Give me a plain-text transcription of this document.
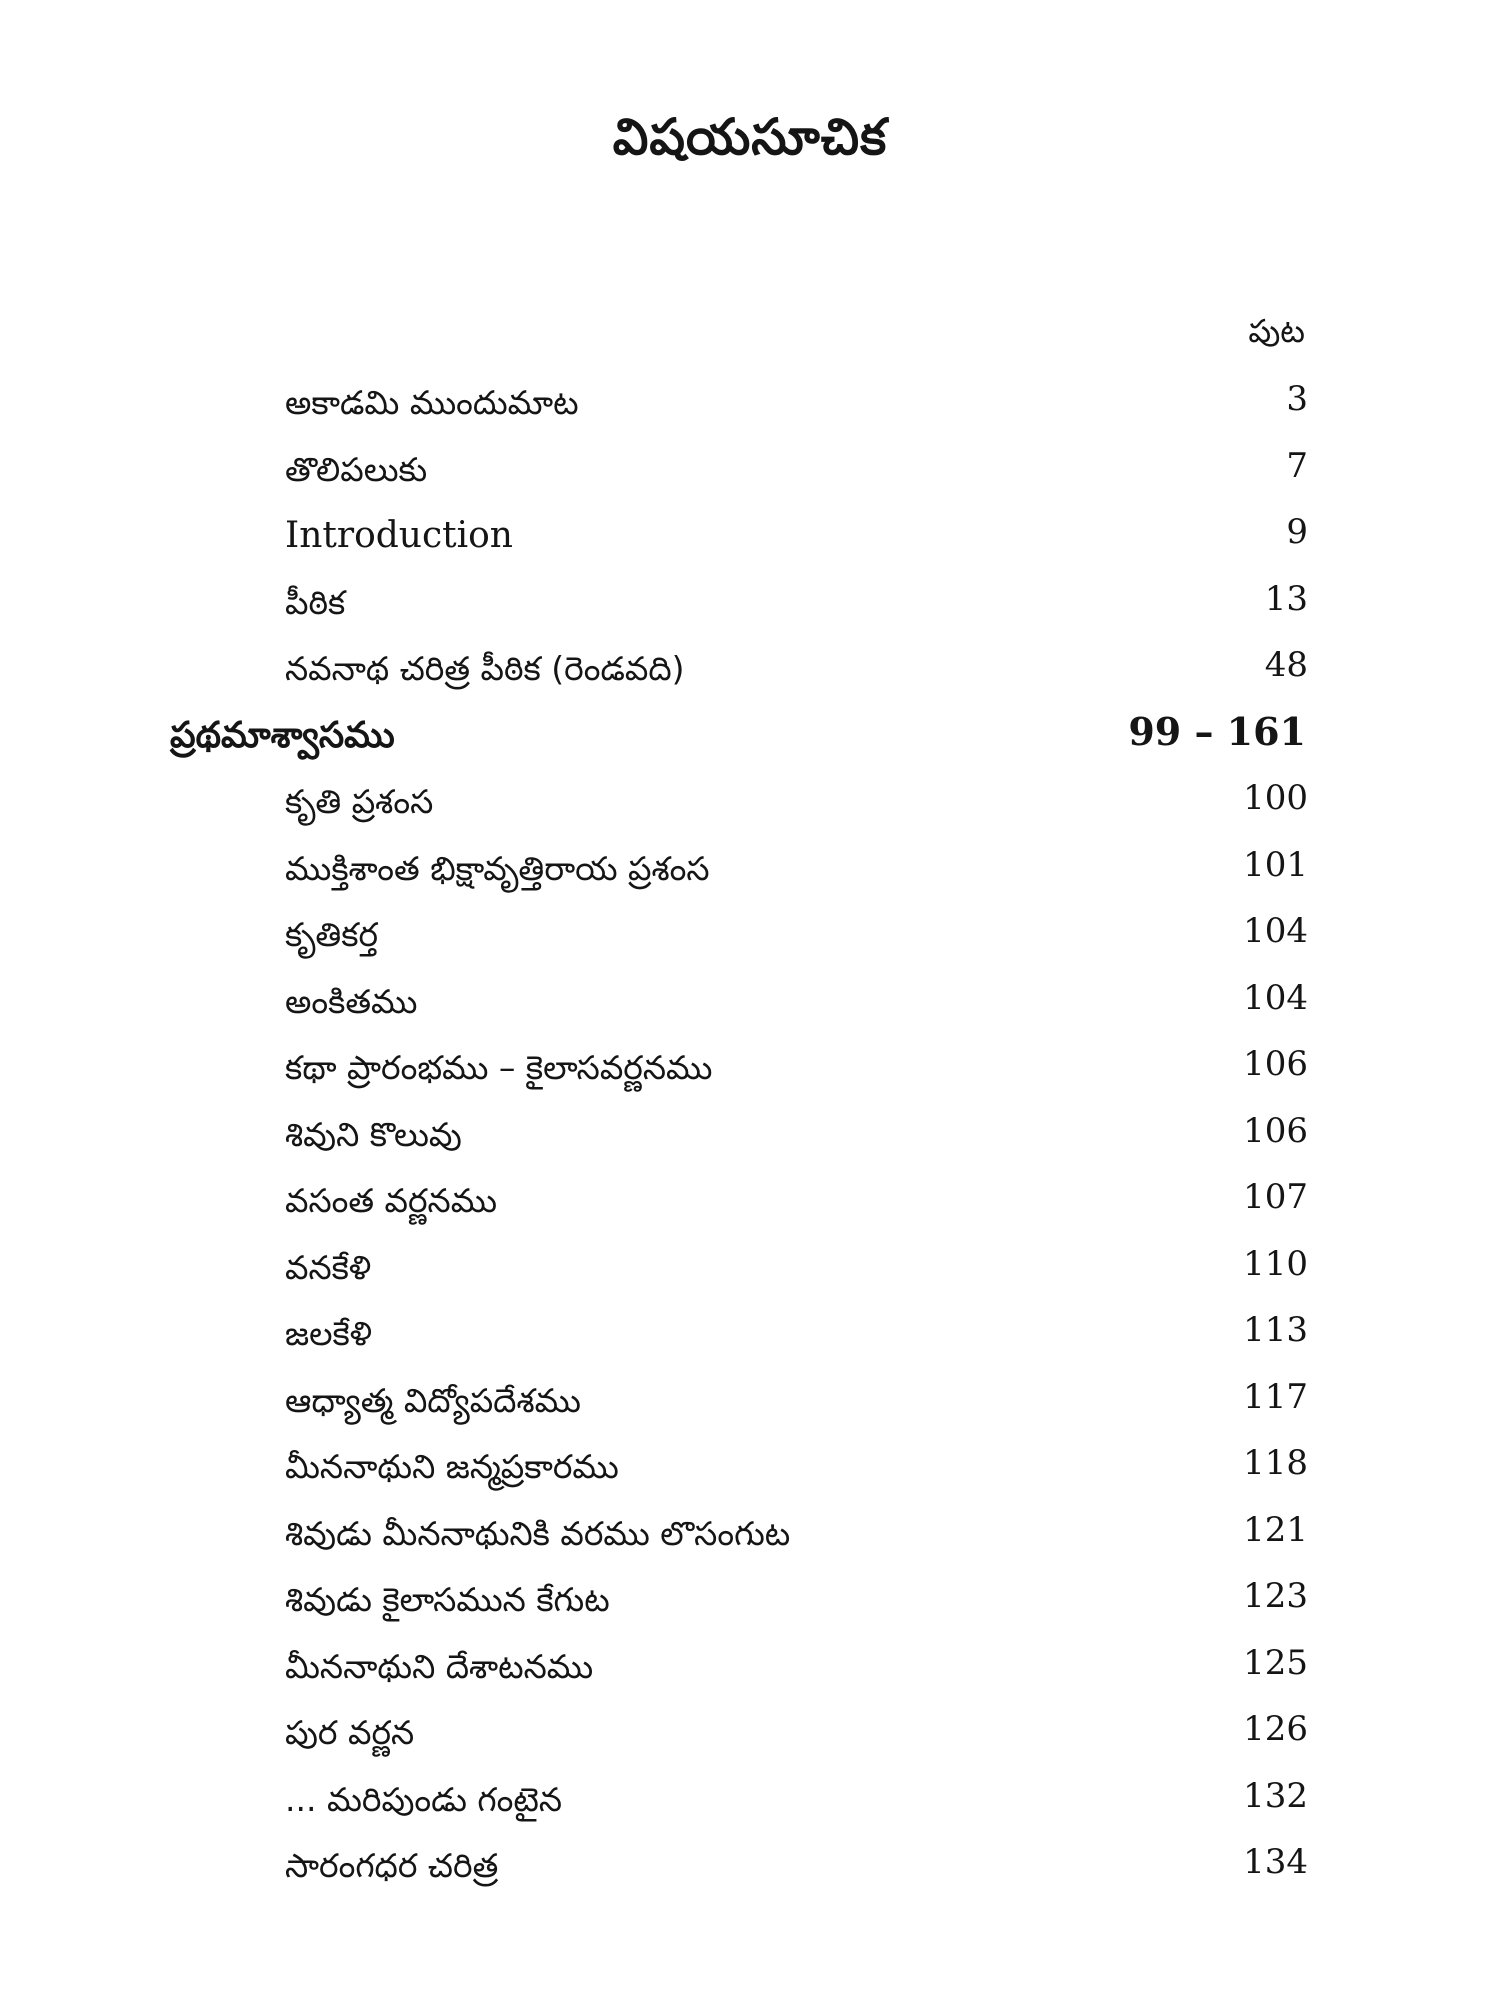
విషయసూచిక
పుట
అకాడమి ముందుమాట	3
తొలిపలుకు	7
Introduction	9
పీఠిక	13
నవనాథ చరిత్ర పీఠిక (రెండవది)	48
ప్రథమాశ్వాసము	99 – 161
కృతి ప్రశంస	100
ముక్తిశాంత భిక్షావృత్తిరాయ ప్రశంస	101
కృతికర్త	104
అంకితము	104
కథా ప్రారంభము – కైలాసవర్ణనము	106
శివుని కొలువు	106
వసంత వర్ణనము	107
వనకేళి	110
జలకేళి	113
ఆధ్యాత్మ విద్యోపదేశము	117
మీననాథుని జన్మప్రకారము	118
శివుడు మీననాథునికి వరము లొసంగుట	121
శివుడు కైలాసమున కేగుట	123
మీననాథుని దేశాటనము	125
పుర వర్ణన	126
... మరిపుండు గంటైన	132
సారంగధర చరిత్ర	134
